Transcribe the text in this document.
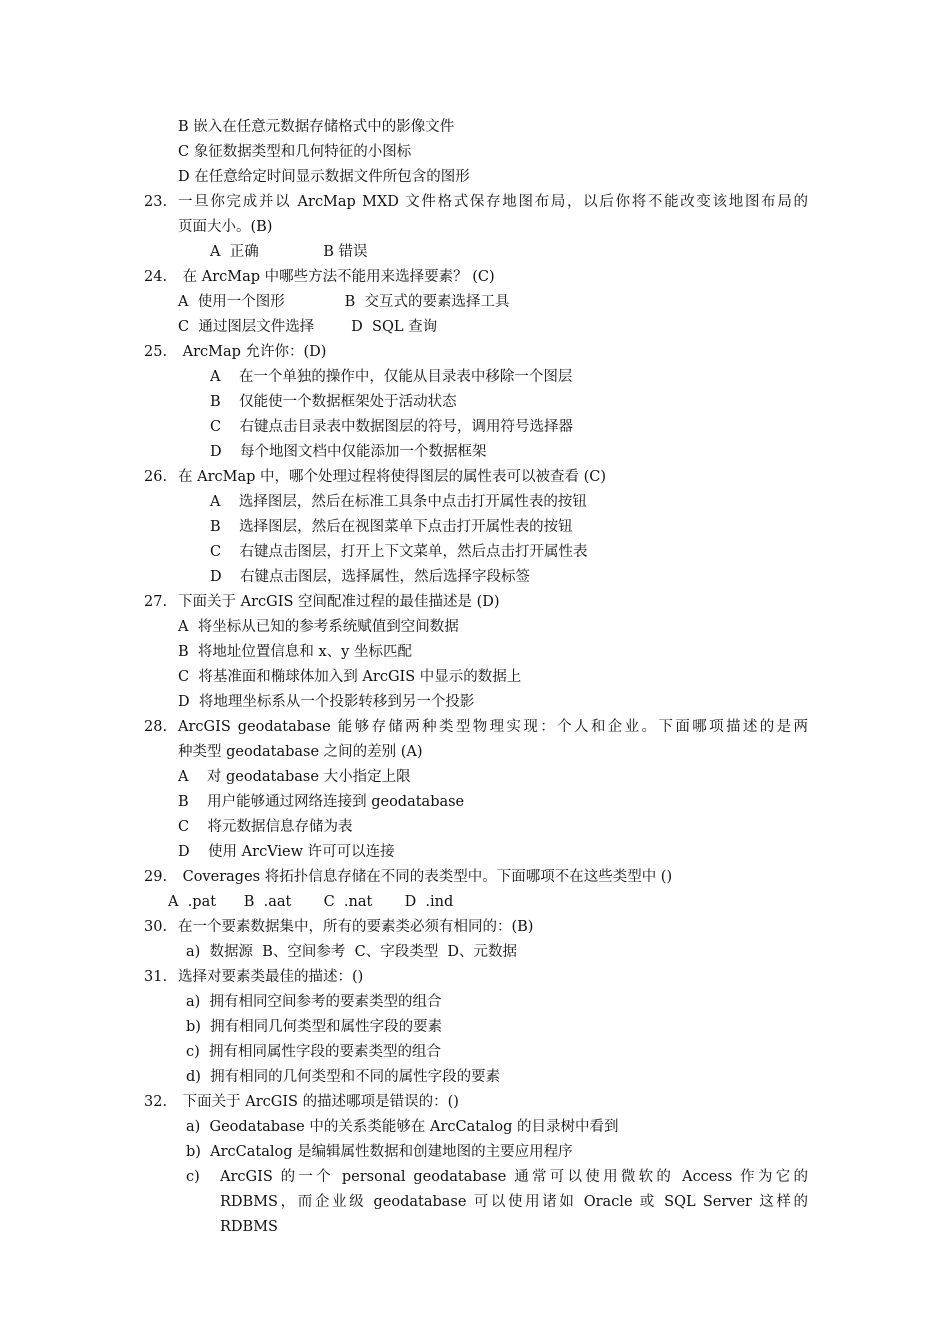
B 嵌入在任意元数据存储格式中的影像文件
C 象征数据类型和几何特征的小图标
D 在任意给定时间显示数据文件所包含的图形
23. 一旦你完成并以 ArcMap MXD 文件格式保存地图布局，以后你将不能改变该地图布局的
页面大小。(B)
A  正确              B 错误
24. 在 ArcMap 中哪些方法不能用来选择要素？ (C)
A  使用一个图形             B  交互式的要素选择工具
C  通过图层文件选择        D  SQL 查询
25. ArcMap 允许你：(D)
A    在一个单独的操作中，仅能从目录表中移除一个图层
B    仅能使一个数据框架处于活动状态
C    右键点击目录表中数据图层的符号，调用符号选择器
D    每个地图文档中仅能添加一个数据框架
26. 在 ArcMap 中，哪个处理过程将使得图层的属性表可以被查看 (C)
A    选择图层，然后在标准工具条中点击打开属性表的按钮
B    选择图层，然后在视图菜单下点击打开属性表的按钮
C    右键点击图层，打开上下文菜单，然后点击打开属性表
D    右键点击图层，选择属性，然后选择字段标签
27. 下面关于 ArcGIS 空间配准过程的最佳描述是 (D)
A  将坐标从已知的参考系统赋值到空间数据
B  将地址位置信息和 x、y 坐标匹配
C  将基准面和椭球体加入到 ArcGIS 中显示的数据上
D  将地理坐标系从一个投影转移到另一个投影
28. ArcGIS geodatabase 能够存储两种类型物理实现：个人和企业。下面哪项描述的是两
种类型 geodatabase 之间的差别 (A)
A    对 geodatabase 大小指定上限
B    用户能够通过网络连接到 geodatabase
C    将元数据信息存储为表
D    使用 ArcView 许可可以连接
29. Coverages 将拓扑信息存储在不同的表类型中。下面哪项不在这些类型中 ()
A  .pat      B  .aat       C  .nat       D  .ind
30. 在一个要素数据集中，所有的要素类必须有相同的：(B)
a)  数据源  B、空间参考  C、字段类型  D、元数据
31. 选择对要素类最佳的描述：()
a)  拥有相同空间参考的要素类型的组合
b)  拥有相同几何类型和属性字段的要素
c)  拥有相同属性字段的要素类型的组合
d)  拥有相同的几何类型和不同的属性字段的要素
32. 下面关于 ArcGIS 的描述哪项是错误的：()
a)  Geodatabase 中的关系类能够在 ArcCatalog 的目录树中看到
b)  ArcCatalog 是编辑属性数据和创建地图的主要应用程序
c) ArcGIS 的一个 personal geodatabase 通常可以使用微软的 Access 作为它的
RDBMS，而企业级 geodatabase 可以使用诸如 Oracle 或 SQL Server 这样的 RDBMS
